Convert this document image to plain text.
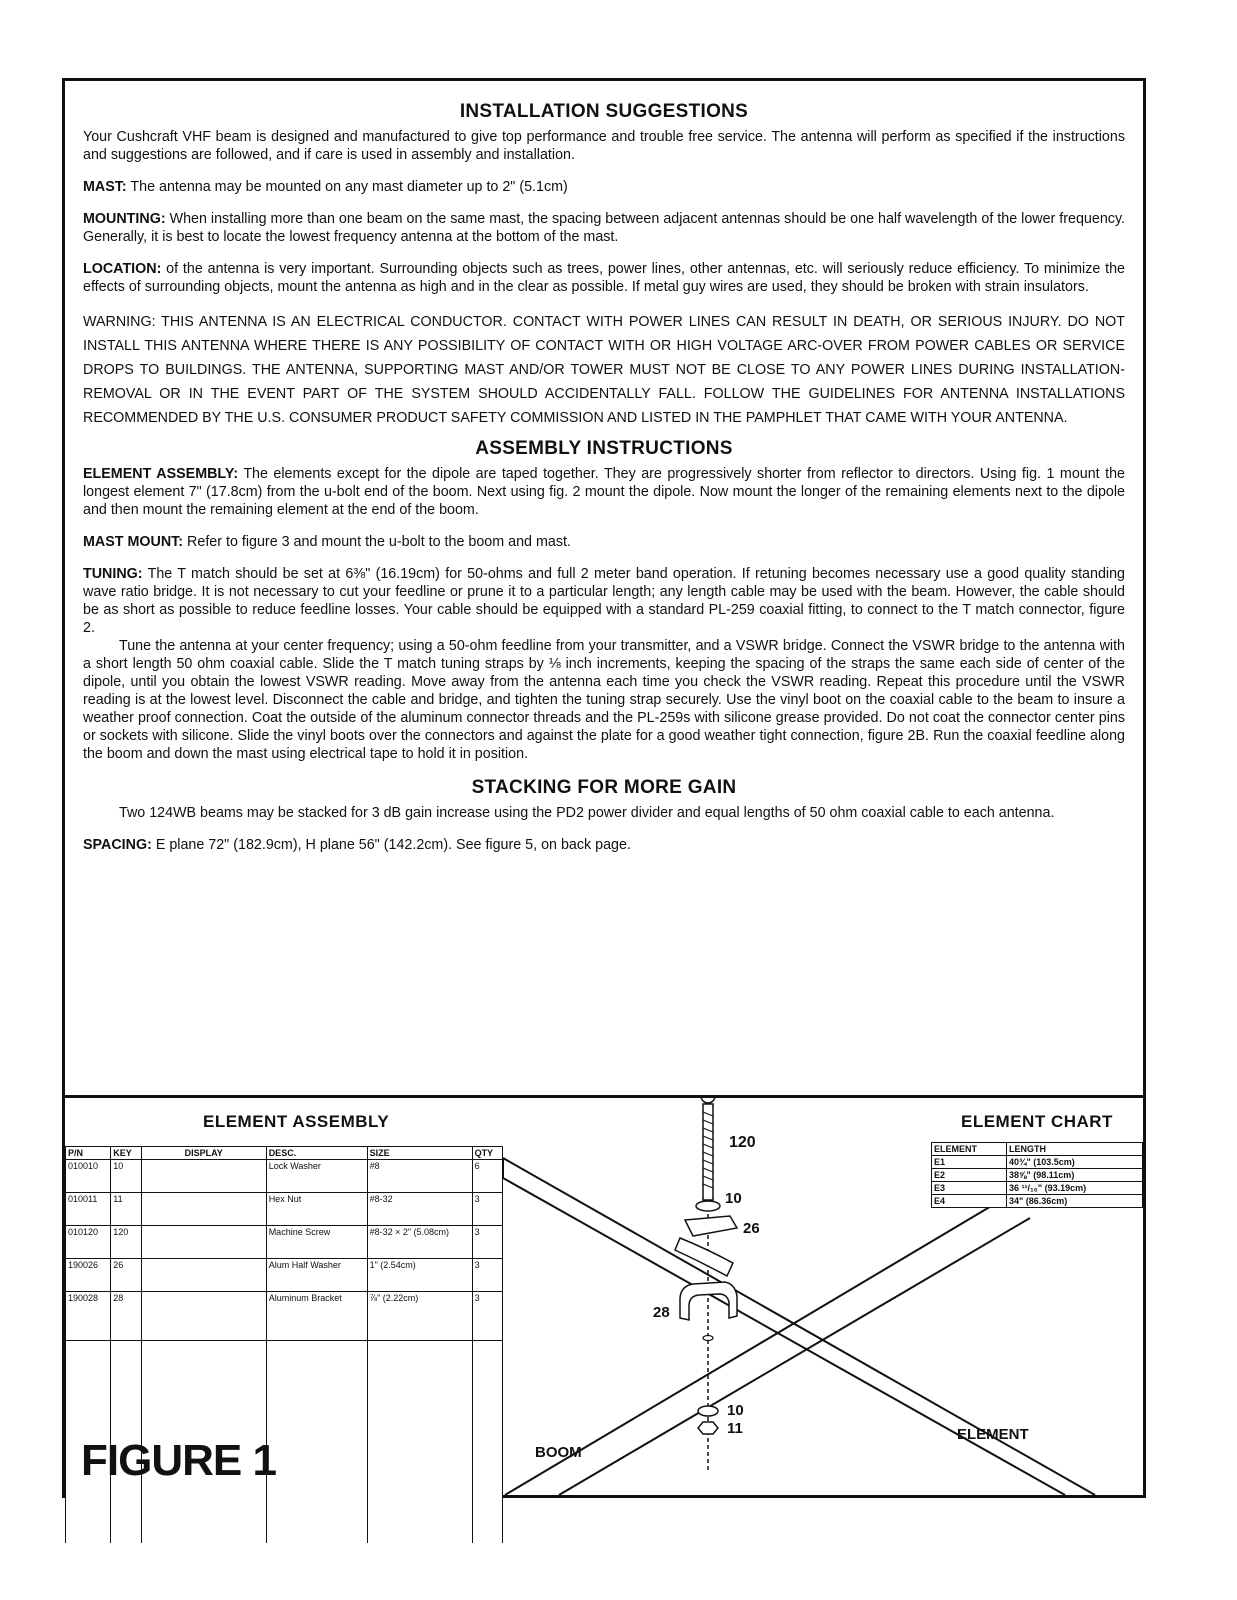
INSTALLATION SUGGESTIONS

Your Cushcraft VHF beam is designed and manufactured to give top performance and trouble free service. The antenna will perform as specified if the instructions and suggestions are followed, and if care is used in assembly and installation.

MAST: The antenna may be mounted on any mast diameter up to 2" (5.1cm)

MOUNTING: When installing more than one beam on the same mast, the spacing between adjacent antennas should be one half wavelength of the lower frequency. Generally, it is best to locate the lowest frequency antenna at the bottom of the mast.

LOCATION: of the antenna is very important. Surrounding objects such as trees, power lines, other antennas, etc. will seriously reduce efficiency. To minimize the effects of surrounding objects, mount the antenna as high and in the clear as possible. If metal guy wires are used, they should be broken with strain insulators.

WARNING: THIS ANTENNA IS AN ELECTRICAL CONDUCTOR. CONTACT WITH POWER LINES CAN RESULT IN DEATH, OR SERIOUS INJURY. DO NOT INSTALL THIS ANTENNA WHERE THERE IS ANY POSSIBILITY OF CONTACT WITH OR HIGH VOLTAGE ARC-OVER FROM POWER CABLES OR SERVICE DROPS TO BUILDINGS. THE ANTENNA, SUPPORTING MAST AND/OR TOWER MUST NOT BE CLOSE TO ANY POWER LINES DURING INSTALLATION-REMOVAL OR IN THE EVENT PART OF THE SYSTEM SHOULD ACCIDENTALLY FALL. FOLLOW THE GUIDELINES FOR ANTENNA INSTALLATIONS RECOMMENDED BY THE U.S. CONSUMER PRODUCT SAFETY COMMISSION AND LISTED IN THE PAMPHLET THAT CAME WITH YOUR ANTENNA.

ASSEMBLY INSTRUCTIONS

ELEMENT ASSEMBLY: The elements except for the dipole are taped together. They are progressively shorter from reflector to directors. Using fig. 1 mount the longest element 7" (17.8cm) from the u-bolt end of the boom. Next using fig. 2 mount the dipole. Now mount the longer of the remaining elements next to the dipole and then mount the remaining element at the end of the boom.

MAST MOUNT: Refer to figure 3 and mount the u-bolt to the boom and mast.

TUNING: The T match should be set at 6⅜" (16.19cm) for 50-ohms and full 2 meter band operation. If retuning becomes necessary use a good quality standing wave ratio bridge. It is not necessary to cut your feedline or prune it to a particular length; any length cable may be used with the beam. However, the cable should be as short as possible to reduce feedline losses. Your cable should be equipped with a standard PL-259 coaxial fitting, to connect to the T match connector, figure 2.

Tune the antenna at your center frequency; using a 50-ohm feedline from your transmitter, and a VSWR bridge. Connect the VSWR bridge to the antenna with a short length 50 ohm coaxial cable. Slide the T match tuning straps by ⅛ inch increments, keeping the spacing of the straps the same each side of center of the dipole, until you obtain the lowest VSWR reading. Move away from the antenna each time you check the VSWR reading. Repeat this procedure until the VSWR reading is at the lowest level. Disconnect the cable and bridge, and tighten the tuning strap securely. Use the vinyl boot on the coaxial cable to the beam to insure a weather proof connection. Coat the outside of the aluminum connector threads and the PL-259s with silicone grease provided. Do not coat the connector center pins or sockets with silicone. Slide the vinyl boots over the connectors and against the plate for a good weather tight connection, figure 2B. Run the coaxial feedline along the boom and down the mast using electrical tape to hold it in position.

STACKING FOR MORE GAIN

Two 124WB beams may be stacked for 3 dB gain increase using the PD2 power divider and equal lengths of 50 ohm coaxial cable to each antenna.

SPACING: E plane 72" (182.9cm), H plane 56" (142.2cm). See figure 5, on back page.

ELEMENT ASSEMBLY	ELEMENT CHART
P/N	KEY	DISPLAY	DESC.	SIZE	QTY
010010	10		Lock Washer	#8	6
010011	11		Hex Nut	#8-32	3
010120	120		Machine Screw	#8-32 × 2" (5.08cm)	3
190026	26		Alum Half Washer	1" (2.54cm)	3
190028	28		Aluminum Bracket	⅞" (2.22cm)	3

ELEMENT	LENGTH
E1	40¾" (103.5cm)
E2	38⅝" (98.11cm)
E3	36 ¹¹/₁₆" (93.19cm)
E4	34" (86.36cm)
120
10
26
28
10
11
BOOM
ELEMENT
FIGURE 1
